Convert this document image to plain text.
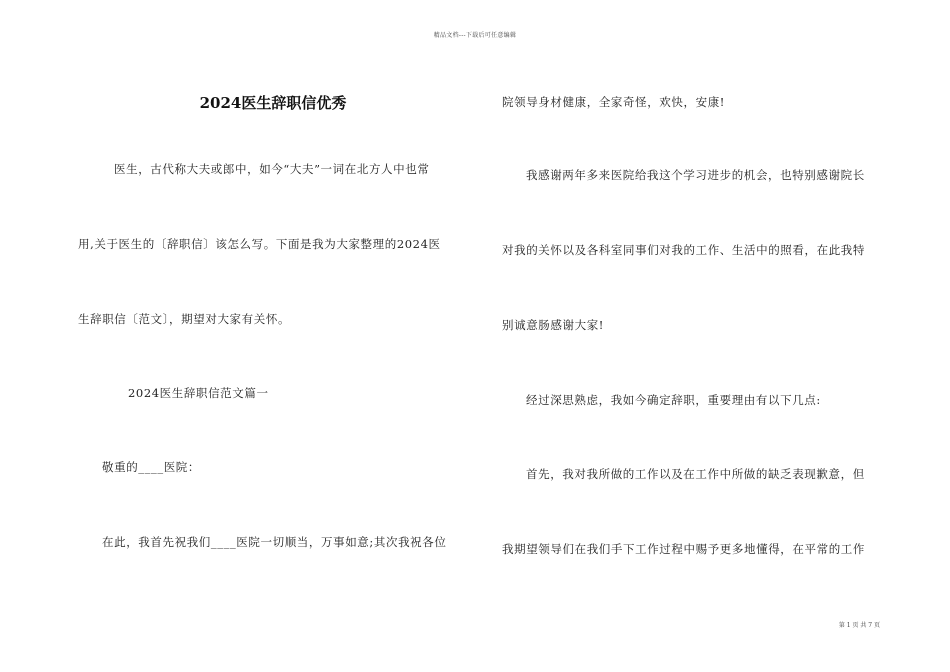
精品文档---下载后可任意编辑
2024医生辞职信优秀
医生，古代称大夫或郎中，如今“大夫”一词在北方人中也常
用,关于医生的〔辞职信〕该怎么写。下面是我为大家整理的2024医
生辞职信〔范文〕，期望对大家有关怀。
2024医生辞职信范文篇一
敬重的____医院：
在此，我首先祝我们____医院一切顺当，万事如意;其次我祝各位
院领导身材健康，全家奇怪，欢快，安康!
我感谢两年多来医院给我这个学习进步的机会，也特别感谢院长
对我的关怀以及各科室同事们对我的工作、生活中的照看，在此我特
别诚意肠感谢大家!
经过深思熟虑，我如今确定辞职，重要理由有以下几点:
首先，我对我所做的工作以及在工作中所做的缺乏表现歉意，但
我期望领导们在我们手下工作过程中赐予更多地懂得，在平常的工作
第 1 页 共 7 页
